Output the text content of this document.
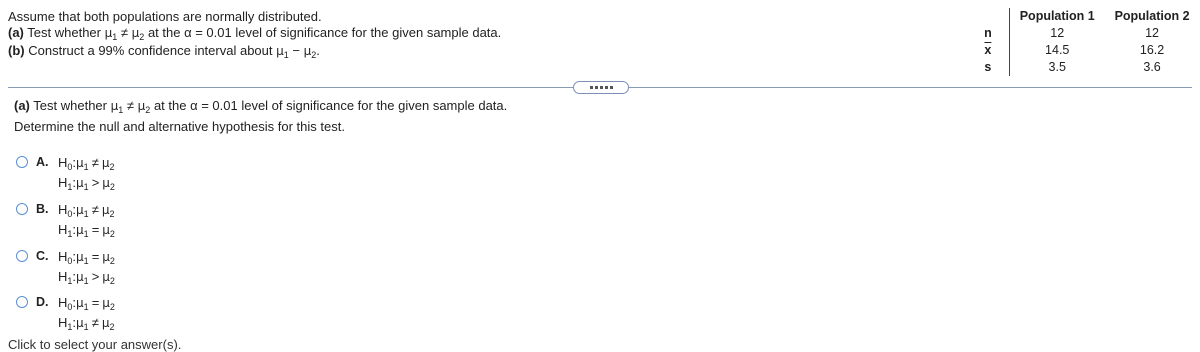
Assume that both populations are normally distributed.
(a) Test whether $\mu_1 \ne \mu_2$ at the α = 0.01 level of significance for the given sample data.
(b) Construct a 99% confidence interval about $\mu_1 - \mu_2$.
	Population 1	Population 2
n	12	12
$\overline{x}$	14.5	16.2
s	3.5	3.6
(a) Test whether $\mu_1 \ne \mu_2$ at the α = 0.01 level of significance for the given sample data.
Determine the null and alternative hypothesis for this test.
A. $H_0:\mu_1 \ne \mu_2$
$H_1:\mu_1 > \mu_2$
B. $H_0:\mu_1 \ne \mu_2$
$H_1:\mu_1 = \mu_2$
C. $H_0:\mu_1 = \mu_2$
$H_1:\mu_1 > \mu_2$
D. $H_0:\mu_1 = \mu_2$
$H_1:\mu_1 \ne \mu_2$
Click to select your answer(s).
